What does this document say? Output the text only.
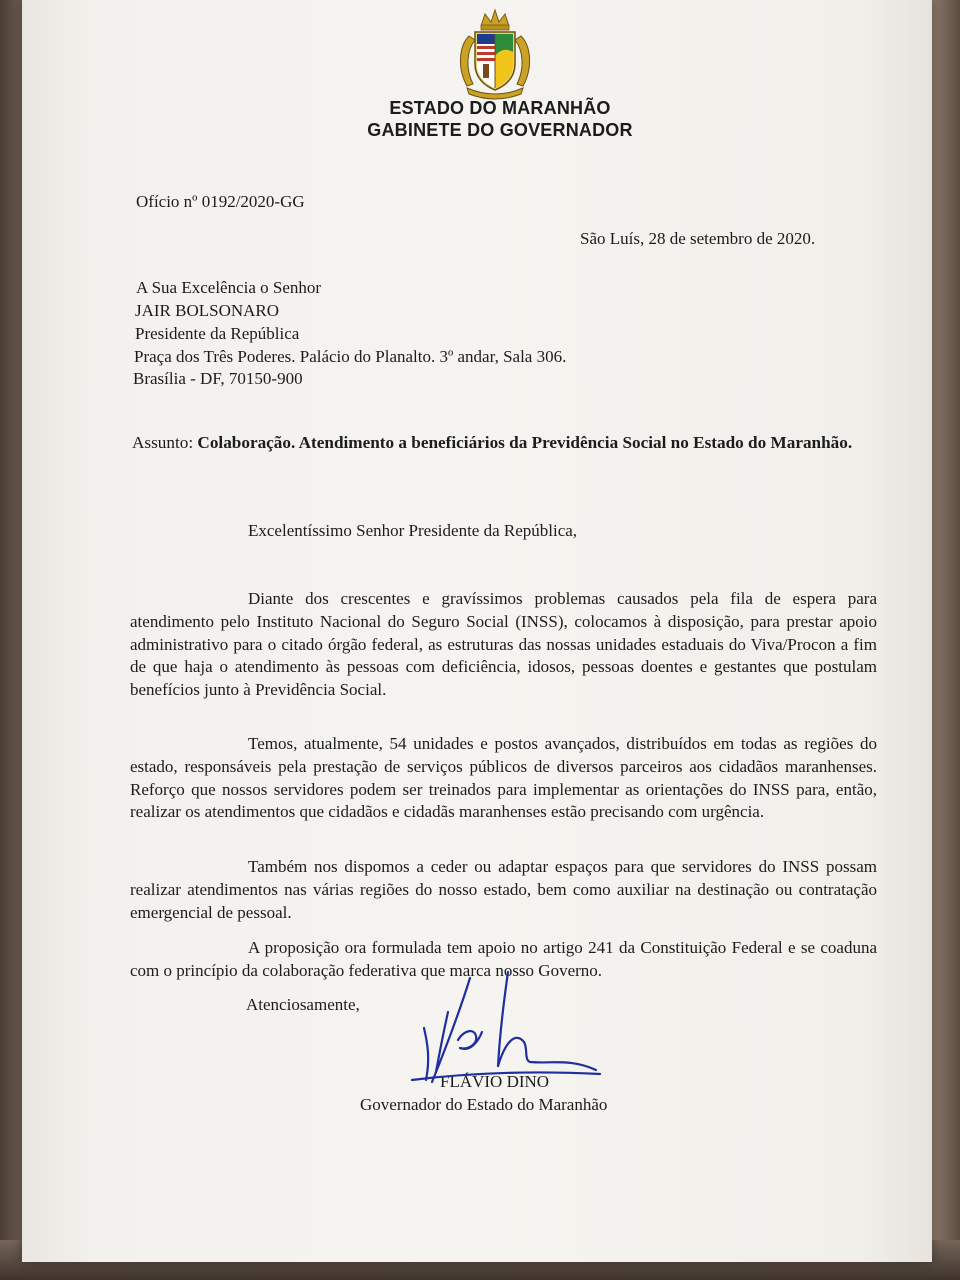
ESTADO DO MARANHÃO

GABINETE DO GOVERNADOR

Ofício nº 0192/2020-GG

São Luís, 28 de setembro de 2020.

A Sua Excelência o Senhor

JAIR BOLSONARO

Presidente da República

Praça dos Três Poderes. Palácio do Planalto. 3º andar, Sala 306.

Brasília - DF, 70150-900

Assunto: Colaboração. Atendimento a beneficiários da Previdência Social no Estado do Maranhão.

Excelentíssimo Senhor Presidente da República,

Diante dos crescentes e gravíssimos problemas causados pela fila de espera para atendimento pelo Instituto Nacional do Seguro Social (INSS), colocamos à disposição, para prestar apoio administrativo para o citado órgão federal, as estruturas das nossas unidades estaduais do Viva/Procon a fim de que haja o atendimento às pessoas com deficiência, idosos, pessoas doentes e gestantes que postulam benefícios junto à Previdência Social.

Temos, atualmente, 54 unidades e postos avançados, distribuídos em todas as regiões do estado, responsáveis pela prestação de serviços públicos de diversos parceiros aos cidadãos maranhenses. Reforço que nossos servidores podem ser treinados para implementar as orientações do INSS para, então, realizar os atendimentos que cidadãos e cidadãs maranhenses estão precisando com urgência.

Também nos dispomos a ceder ou adaptar espaços para que servidores do INSS possam realizar atendimentos nas várias regiões do nosso estado, bem como auxiliar na destinação ou contratação emergencial de pessoal.

A proposição ora formulada tem apoio no artigo 241 da Constituição Federal e se coaduna com o princípio da colaboração federativa que marca nosso Governo.

Atenciosamente,

FLÁVIO DINO

Governador do Estado do Maranhão
